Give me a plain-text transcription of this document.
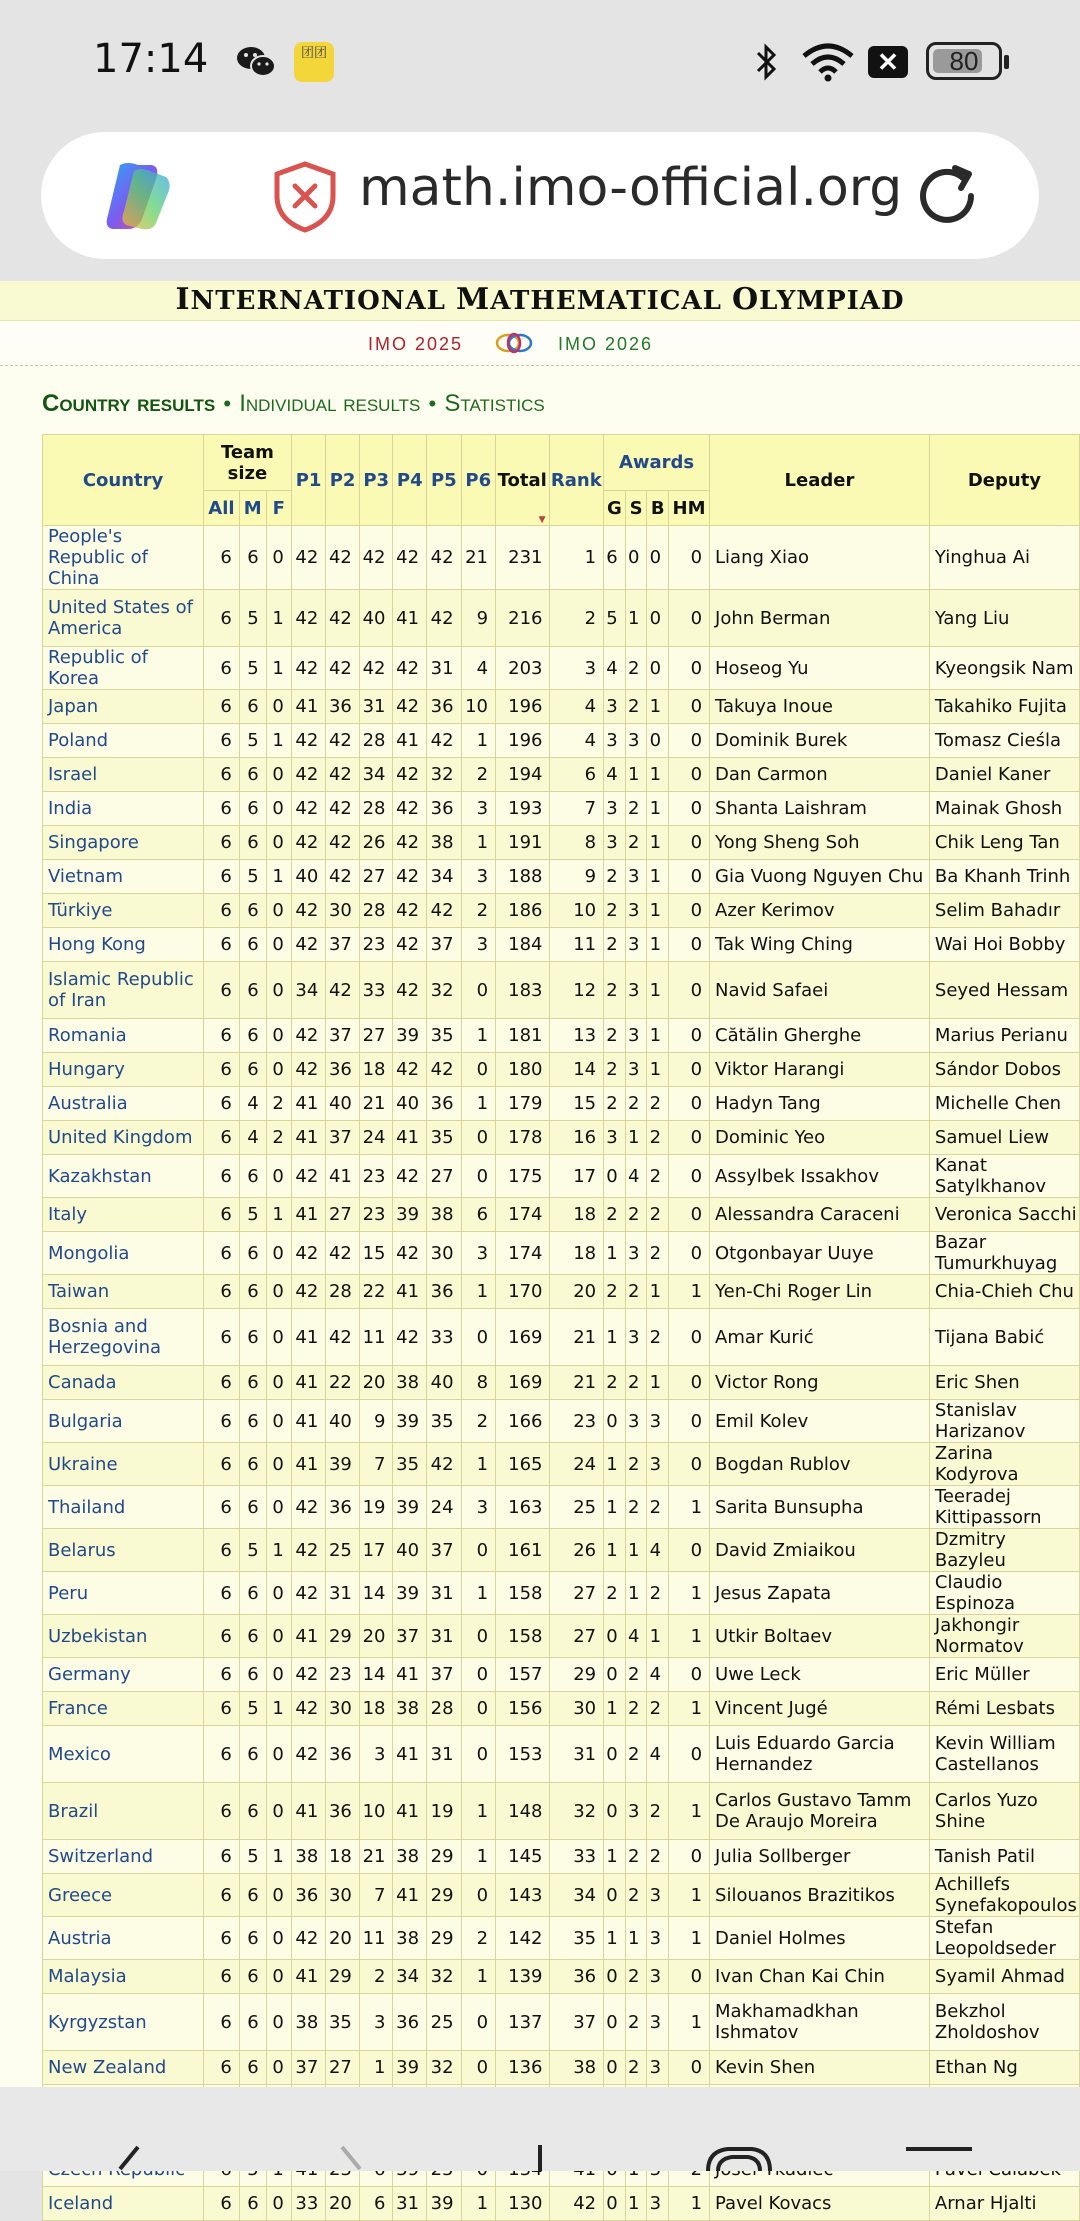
17:14	团团	✕	80
math.imo-official.org
INTERNATIONAL MATHEMATICAL OLYMPIAD
IMO 2025	IMO 2026
Country results • Individual results • Statistics
Country	Team size			P1	P2	P3	P4	P5	P6	Total
▼	Rank	Awards				Leader	Deputy
	All	M	F									G	S	B	HM		
People's Republic of China	6	6	0	42	42	42	42	42	21	231	1	6	0	0	0	Liang Xiao	Yinghua Ai
United States of America	6	5	1	42	42	40	41	42	9	216	2	5	1	0	0	John Berman	Yang Liu
Republic of Korea	6	5	1	42	42	42	42	31	4	203	3	4	2	0	0	Hoseog Yu	Kyeongsik Nam
Japan	6	6	0	41	36	31	42	36	10	196	4	3	2	1	0	Takuya Inoue	Takahiko Fujita
Poland	6	5	1	42	42	28	41	42	1	196	4	3	3	0	0	Dominik Burek	Tomasz Cieśla
Israel	6	6	0	42	42	34	42	32	2	194	6	4	1	1	0	Dan Carmon	Daniel Kaner
India	6	6	0	42	42	28	42	36	3	193	7	3	2	1	0	Shanta Laishram	Mainak Ghosh
Singapore	6	6	0	42	42	26	42	38	1	191	8	3	2	1	0	Yong Sheng Soh	Chik Leng Tan
Vietnam	6	5	1	40	42	27	42	34	3	188	9	2	3	1	0	Gia Vuong Nguyen Chu	Ba Khanh Trinh
Türkiye	6	6	0	42	30	28	42	42	2	186	10	2	3	1	0	Azer Kerimov	Selim Bahadır
Hong Kong	6	6	0	42	37	23	42	37	3	184	11	2	3	1	0	Tak Wing Ching	Wai Hoi Bobby
Islamic Republic of Iran	6	6	0	34	42	33	42	32	0	183	12	2	3	1	0	Navid Safaei	Seyed Hessam
Romania	6	6	0	42	37	27	39	35	1	181	13	2	3	1	0	Cătălin Gherghe	Marius Perianu
Hungary	6	6	0	42	36	18	42	42	0	180	14	2	3	1	0	Viktor Harangi	Sándor Dobos
Australia	6	4	2	41	40	21	40	36	1	179	15	2	2	2	0	Hadyn Tang	Michelle Chen
United Kingdom	6	4	2	41	37	24	41	35	0	178	16	3	1	2	0	Dominic Yeo	Samuel Liew
Kazakhstan	6	6	0	42	41	23	42	27	0	175	17	0	4	2	0	Assylbek Issakhov	Kanat Satylkhanov
Italy	6	5	1	41	27	23	39	38	6	174	18	2	2	2	0	Alessandra Caraceni	Veronica Sacchi
Mongolia	6	6	0	42	42	15	42	30	3	174	18	1	3	2	0	Otgonbayar Uuye	Bazar Tumurkhuyag
Taiwan	6	6	0	42	28	22	41	36	1	170	20	2	2	1	1	Yen-Chi Roger Lin	Chia-Chieh Chu
Bosnia and Herzegovina	6	6	0	41	42	11	42	33	0	169	21	1	3	2	0	Amar Kurić	Tijana Babić
Canada	6	6	0	41	22	20	38	40	8	169	21	2	2	1	0	Victor Rong	Eric Shen
Bulgaria	6	6	0	41	40	9	39	35	2	166	23	0	3	3	0	Emil Kolev	Stanislav Harizanov
Ukraine	6	6	0	41	39	7	35	42	1	165	24	1	2	3	0	Bogdan Rublov	Zarina Kodyrova
Thailand	6	6	0	42	36	19	39	24	3	163	25	1	2	2	1	Sarita Bunsupha	Teeradej Kittipassorn
Belarus	6	5	1	42	25	17	40	37	0	161	26	1	1	4	0	David Zmiaikou	Dzmitry Bazyleu
Peru	6	6	0	42	31	14	39	31	1	158	27	2	1	2	1	Jesus Zapata	Claudio Espinoza
Uzbekistan	6	6	0	41	29	20	37	31	0	158	27	0	4	1	1	Utkir Boltaev	Jakhongir Normatov
Germany	6	6	0	42	23	14	41	37	0	157	29	0	2	4	0	Uwe Leck	Eric Müller
France	6	5	1	42	30	18	38	28	0	156	30	1	2	2	1	Vincent Jugé	Rémi Lesbats
Mexico	6	6	0	42	36	3	41	31	0	153	31	0	2	4	0	Luis Eduardo Garcia Hernandez	Kevin William Castellanos
Brazil	6	6	0	41	36	10	41	19	1	148	32	0	3	2	1	Carlos Gustavo Tamm De Araujo Moreira	Carlos Yuzo Shine
Switzerland	6	5	1	38	18	21	38	29	1	145	33	1	2	2	0	Julia Sollberger	Tanish Patil
Greece	6	6	0	36	30	7	41	29	0	143	34	0	2	3	1	Silouanos Brazitikos	Achillefs Synefakopoulos
Austria	6	6	0	42	20	11	38	29	2	142	35	1	1	3	1	Daniel Holmes	Stefan Leopoldseder
Malaysia	6	6	0	41	29	2	34	32	1	139	36	0	2	3	0	Ivan Chan Kai Chin	Syamil Ahmad
Kyrgyzstan	6	6	0	38	35	3	36	25	0	137	37	0	2	3	1	Makhamadkhan Ishmatov	Bekzhol Zholdoshov
New Zealand	6	6	0	37	27	1	39	32	0	136	38	0	2	3	0	Kevin Shen	Ethan Ng

Iceland	6	6	0	33	20	6	31	39	1	130	42	0	1	3	1	Pavel Kovacs	Arnar Hjalti
